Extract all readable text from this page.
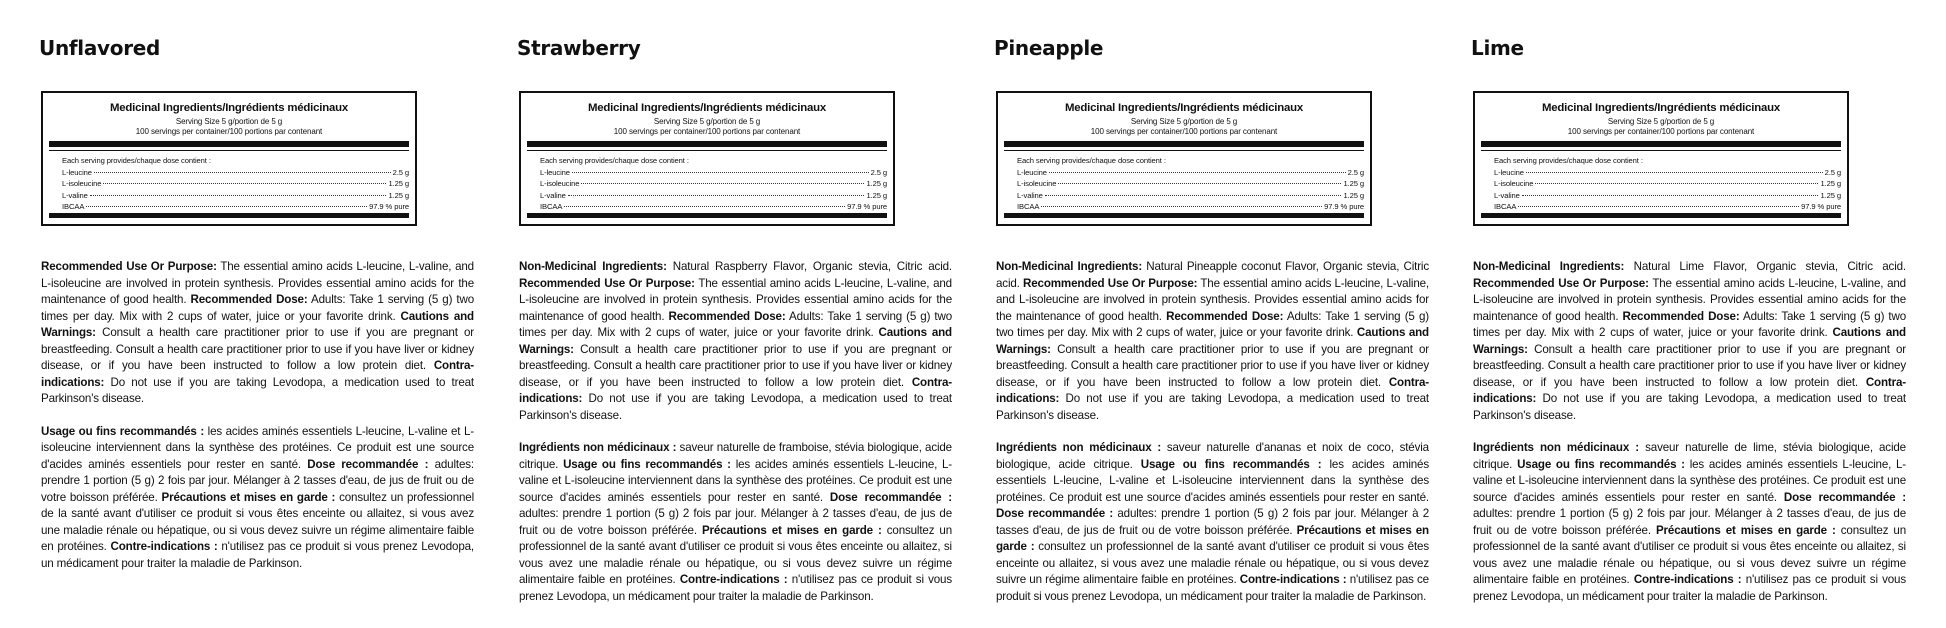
Unflavored
Medicinal Ingredients/Ingrédients médicinaux
Serving Size 5 g/portion de 5 g
100 servings per container/100 portions par contenant
Each serving provides/chaque dose contient :
L-leucine	2.5 g
L-isoleucine	1.25 g
L-valine	1.25 g
IBCAA	97.9 % pure

Recommended Use Or Purpose: The essential amino acids L-leucine, L-valine, and L-isoleucine are involved in protein synthesis. Provides essential amino acids for the maintenance of good health. Recommended Dose: Adults: Take 1 serving (5 g) two times per day. Mix with 2 cups of water, juice or your favorite drink. Cautions and Warnings: Consult a health care practitioner prior to use if you are pregnant or breastfeeding. Consult a health care practitioner prior to use if you have liver or kidney disease, or if you have been instructed to follow a low protein diet. Contra-indications: Do not use if you are taking Levodopa, a medication used to treat Parkinson's disease.

Usage ou fins recommandés : les acides aminés essentiels L-leucine, L-valine et L-isoleucine interviennent dans la synthèse des protéines. Ce produit est une source d'acides aminés essentiels pour rester en santé. Dose recommandée : adultes: prendre 1 portion (5 g) 2 fois par jour. Mélanger à 2 tasses d'eau, de jus de fruit ou de votre boisson préférée. Précautions et mises en garde : consultez un professionnel de la santé avant d'utiliser ce produit si vous êtes enceinte ou allaitez, si vous avez une maladie rénale ou hépatique, ou si vous devez suivre un régime alimentaire faible en protéines. Contre-indications : n'utilisez pas ce produit si vous prenez Levodopa, un médicament pour traiter la maladie de Parkinson.

Strawberry
Medicinal Ingredients/Ingrédients médicinaux
Serving Size 5 g/portion de 5 g
100 servings per container/100 portions par contenant
Each serving provides/chaque dose contient :
L-leucine	2.5 g
L-isoleucine	1.25 g
L-valine	1.25 g
IBCAA	97.9 % pure

Non-Medicinal Ingredients: Natural Raspberry Flavor, Organic stevia, Citric acid. Recommended Use Or Purpose: The essential amino acids L-leucine, L-valine, and L-isoleucine are involved in protein synthesis. Provides essential amino acids for the maintenance of good health. Recommended Dose: Adults: Take 1 serving (5 g) two times per day. Mix with 2 cups of water, juice or your favorite drink. Cautions and Warnings: Consult a health care practitioner prior to use if you are pregnant or breastfeeding. Consult a health care practitioner prior to use if you have liver or kidney disease, or if you have been instructed to follow a low protein diet. Contra-indications: Do not use if you are taking Levodopa, a medication used to treat Parkinson's disease.

Ingrédients non médicinaux : saveur naturelle de framboise, stévia biologique, acide citrique. Usage ou fins recommandés : les acides aminés essentiels L-leucine, L-valine et L-isoleucine interviennent dans la synthèse des protéines. Ce produit est une source d'acides aminés essentiels pour rester en santé. Dose recommandée : adultes: prendre 1 portion (5 g) 2 fois par jour. Mélanger à 2 tasses d'eau, de jus de fruit ou de votre boisson préférée. Précautions et mises en garde : consultez un professionnel de la santé avant d'utiliser ce produit si vous êtes enceinte ou allaitez, si vous avez une maladie rénale ou hépatique, ou si vous devez suivre un régime alimentaire faible en protéines. Contre-indications : n'utilisez pas ce produit si vous prenez Levodopa, un médicament pour traiter la maladie de Parkinson.

Pineapple
Medicinal Ingredients/Ingrédients médicinaux
Serving Size 5 g/portion de 5 g
100 servings per container/100 portions par contenant
Each serving provides/chaque dose contient :
L-leucine	2.5 g
L-isoleucine	1.25 g
L-valine	1.25 g
IBCAA	97.9 % pure

Non-Medicinal Ingredients: Natural Pineapple coconut Flavor, Organic stevia, Citric acid. Recommended Use Or Purpose: The essential amino acids L-leucine, L-valine, and L-isoleucine are involved in protein synthesis. Provides essential amino acids for the maintenance of good health. Recommended Dose: Adults: Take 1 serving (5 g) two times per day. Mix with 2 cups of water, juice or your favorite drink. Cautions and Warnings: Consult a health care practitioner prior to use if you are pregnant or breastfeeding. Consult a health care practitioner prior to use if you have liver or kidney disease, or if you have been instructed to follow a low protein diet. Contra-indications: Do not use if you are taking Levodopa, a medication used to treat Parkinson's disease.

Ingrédients non médicinaux : saveur naturelle d'ananas et noix de coco, stévia biologique, acide citrique. Usage ou fins recommandés : les acides aminés essentiels L-leucine, L-valine et L-isoleucine interviennent dans la synthèse des protéines. Ce produit est une source d'acides aminés essentiels pour rester en santé. Dose recommandée : adultes: prendre 1 portion (5 g) 2 fois par jour. Mélanger à 2 tasses d'eau, de jus de fruit ou de votre boisson préférée. Précautions et mises en garde : consultez un professionnel de la santé avant d'utiliser ce produit si vous êtes enceinte ou allaitez, si vous avez une maladie rénale ou hépatique, ou si vous devez suivre un régime alimentaire faible en protéines. Contre-indications : n'utilisez pas ce produit si vous prenez Levodopa, un médicament pour traiter la maladie de Parkinson.

Lime
Medicinal Ingredients/Ingrédients médicinaux
Serving Size 5 g/portion de 5 g
100 servings per container/100 portions par contenant
Each serving provides/chaque dose contient :
L-leucine	2.5 g
L-isoleucine	1.25 g
L-valine	1.25 g
IBCAA	97.9 % pure

Non-Medicinal Ingredients: Natural Lime Flavor, Organic stevia, Citric acid. Recommended Use Or Purpose: The essential amino acids L-leucine, L-valine, and L-isoleucine are involved in protein synthesis. Provides essential amino acids for the maintenance of good health. Recommended Dose: Adults: Take 1 serving (5 g) two times per day. Mix with 2 cups of water, juice or your favorite drink. Cautions and Warnings: Consult a health care practitioner prior to use if you are pregnant or breastfeeding. Consult a health care practitioner prior to use if you have liver or kidney disease, or if you have been instructed to follow a low protein diet. Contra-indications: Do not use if you are taking Levodopa, a medication used to treat Parkinson's disease.

Ingrédients non médicinaux : saveur naturelle de lime, stévia biologique, acide citrique. Usage ou fins recommandés : les acides aminés essentiels L-leucine, L-valine et L-isoleucine interviennent dans la synthèse des protéines. Ce produit est une source d'acides aminés essentiels pour rester en santé. Dose recommandée : adultes: prendre 1 portion (5 g) 2 fois par jour. Mélanger à 2 tasses d'eau, de jus de fruit ou de votre boisson préférée. Précautions et mises en garde : consultez un professionnel de la santé avant d'utiliser ce produit si vous êtes enceinte ou allaitez, si vous avez une maladie rénale ou hépatique, ou si vous devez suivre un régime alimentaire faible en protéines. Contre-indications : n'utilisez pas ce produit si vous prenez Levodopa, un médicament pour traiter la maladie de Parkinson.
